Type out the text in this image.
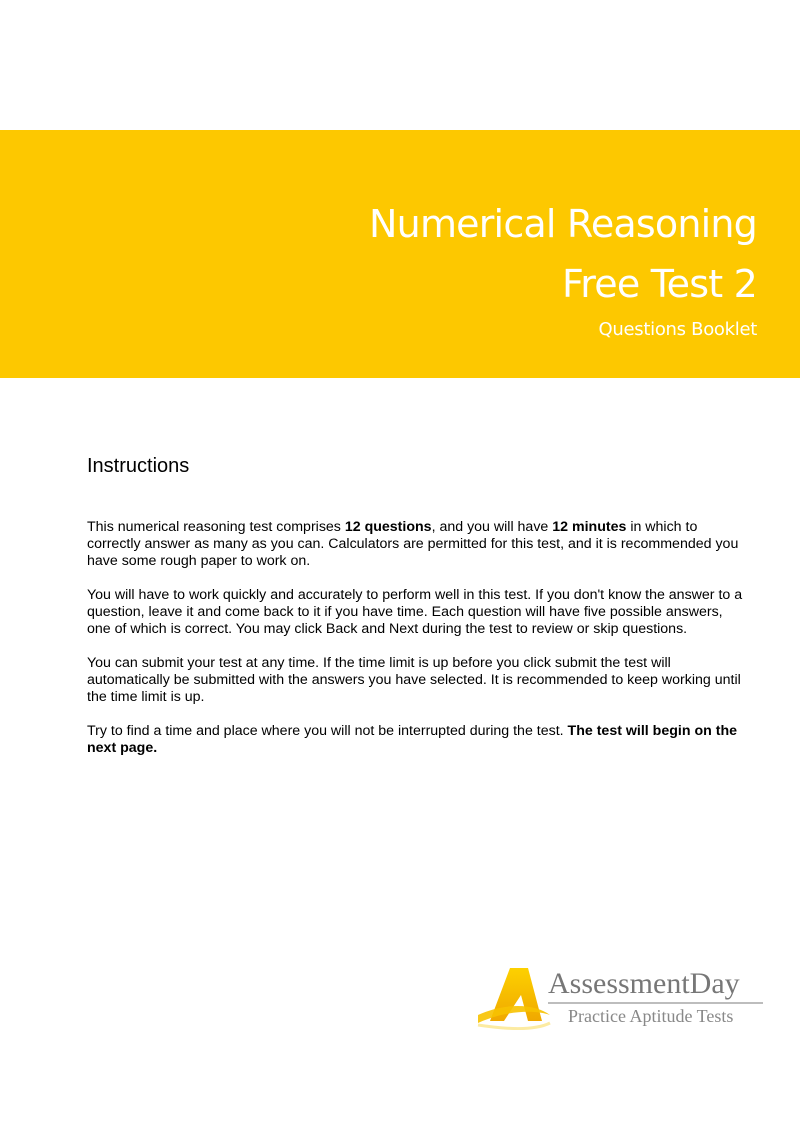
Numerical Reasoning
Free Test 2
Questions Booklet
Instructions

This numerical reasoning test comprises 12 questions, and you will have 12 minutes in which to correctly answer as many as you can. Calculators are permitted for this test, and it is recommended you have some rough paper to work on.

You will have to work quickly and accurately to perform well in this test. If you don't know the answer to a question, leave it and come back to it if you have time. Each question will have five possible answers, one of which is correct. You may click Back and Next during the test to review or skip questions.

You can submit your test at any time. If the time limit is up before you click submit the test will automatically be submitted with the answers you have selected. It is recommended to keep working until the time limit is up.

Try to find a time and place where you will not be interrupted during the test. The test will begin on the next page.

AssessmentDay
Practice Aptitude Tests
